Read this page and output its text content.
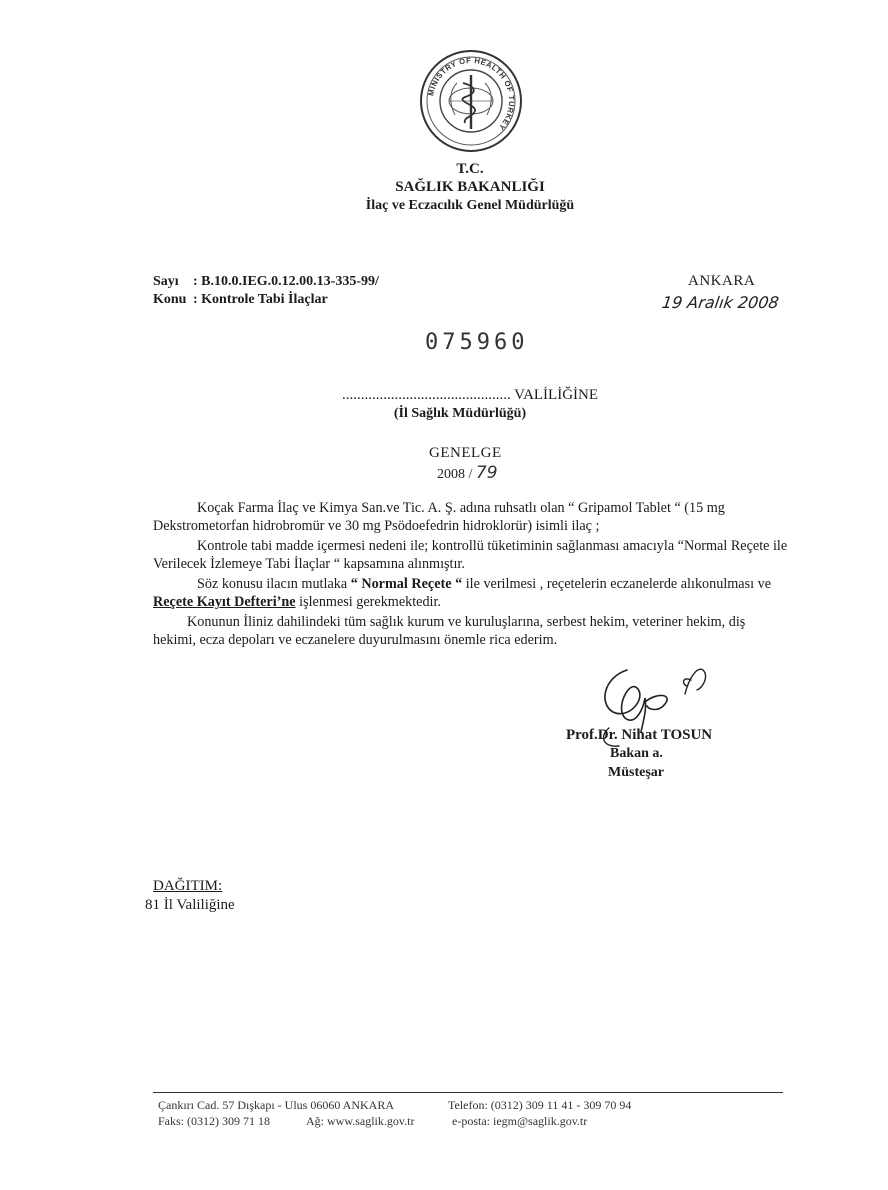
MINISTRY OF HEALTH OF TURKEY
T.C.
SAĞLIK BAKANLIĞI
İlaç ve Eczacılık Genel Müdürlüğü
Sayı : B.10.0.IEG.0.12.00.13-335-99/
Konu : Kontrole Tabi İlaçlar
ANKARA
19 Aralık 2008
075960
............................................. VALİLİĞİNE
(İl Sağlık Müdürlüğü)
GENELGE
2008 / 79
Koçak Farma İlaç ve Kimya San.ve Tic. A. Ş. adına ruhsatlı olan “ Gripamol Tablet “ (15 mg Dekstrometorfan hidrobromür ve 30 mg Psödoefedrin hidroklorür) isimli ilaç ;
Kontrole tabi madde içermesi nedeni ile; kontrollü tüketiminin sağlanması amacıyla “Normal Reçete ile Verilecek İzlemeye Tabi İlaçlar “ kapsamına alınmıştır.
Söz konusu ilacın mutlaka “ Normal Reçete “ ile verilmesi , reçetelerin eczanelerde alıkonulması ve Reçete Kayıt Defteri’ne işlenmesi gerekmektedir.
Konunun İliniz dahilindeki tüm sağlık kurum ve kuruluşlarına, serbest hekim, veteriner hekim, diş hekimi, ecza depoları ve eczanelere duyurulmasını önemle rica ederim.
Prof.Dr. Nihat TOSUN
Bakan a.
Müsteşar
DAĞITIM:
81 İl Valiliğine
Çankırı Cad. 57 Dışkapı - Ulus 06060 ANKARA	Telefon: (0312) 309 11 41 - 309 70 94
Faks: (0312) 309 71 18	Ağ: www.saglik.gov.tr	e-posta: iegm@saglik.gov.tr
